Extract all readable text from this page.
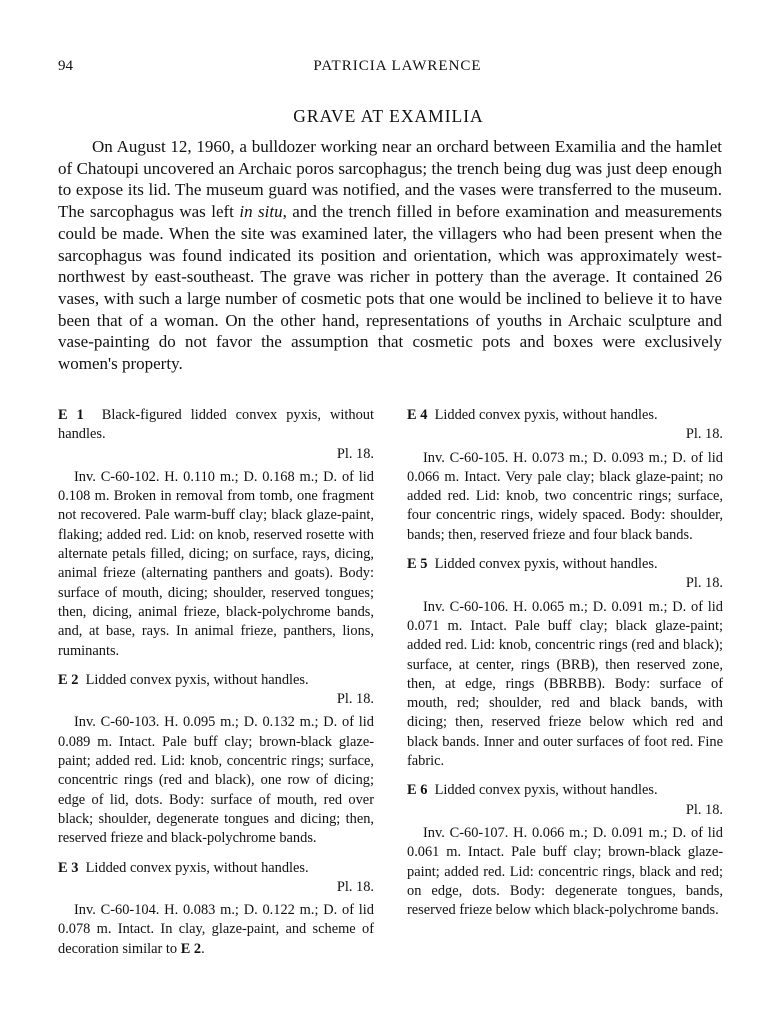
94	PATRICIA LAWRENCE
GRAVE AT EXAMILIA

On August 12, 1960, a bulldozer working near an orchard between Examilia and the hamlet of Chatoupi uncovered an Archaic poros sarcophagus; the trench being dug was just deep enough to expose its lid. The museum guard was notified, and the vases were transferred to the museum. The sarcophagus was left in situ, and the trench filled in before examination and measurements could be made. When the site was examined later, the villagers who had been present when the sarcophagus was found indicated its position and orientation, which was approximately west-northwest by east-southeast. The grave was richer in pottery than the average. It contained 26 vases, with such a large number of cosmetic pots that one would be inclined to believe it to have been that of a woman. On the other hand, representations of youths in Archaic sculpture and vase-painting do not favor the assumption that cosmetic pots and boxes were exclusively women's property.

E 1 Black-figured lidded convex pyxis, without handles.

Pl. 18.

Inv. C-60-102. H. 0.110 m.; D. 0.168 m.; D. of lid 0.108 m. Broken in removal from tomb, one fragment not recovered. Pale warm-buff clay; black glaze-paint, flaking; added red. Lid: on knob, reserved rosette with alternate petals filled, dicing; on surface, rays, dicing, animal frieze (alternating panthers and goats). Body: surface of mouth, dicing; shoulder, reserved tongues; then, dicing, animal frieze, black-polychrome bands, and, at base, rays. In animal frieze, panthers, lions, ruminants.

E 2 Lidded convex pyxis, without handles.

Pl. 18.

Inv. C-60-103. H. 0.095 m.; D. 0.132 m.; D. of lid 0.089 m. Intact. Pale buff clay; brown-black glaze-paint; added red. Lid: knob, concentric rings; surface, concentric rings (red and black), one row of dicing; edge of lid, dots. Body: surface of mouth, red over black; shoulder, degenerate tongues and dicing; then, reserved frieze and black-polychrome bands.

E 3 Lidded convex pyxis, without handles.

Pl. 18.

Inv. C-60-104. H. 0.083 m.; D. 0.122 m.; D. of lid 0.078 m. Intact. In clay, glaze-paint, and scheme of decoration similar to E 2.

E 4 Lidded convex pyxis, without handles.

Pl. 18.

Inv. C-60-105. H. 0.073 m.; D. 0.093 m.; D. of lid 0.066 m. Intact. Very pale clay; black glaze-paint; no added red. Lid: knob, two concentric rings; surface, four concentric rings, widely spaced. Body: shoulder, bands; then, reserved frieze and four black bands.

E 5 Lidded convex pyxis, without handles.

Pl. 18.

Inv. C-60-106. H. 0.065 m.; D. 0.091 m.; D. of lid 0.071 m. Intact. Pale buff clay; black glaze-paint; added red. Lid: knob, concentric rings (red and black); surface, at center, rings (BRB), then reserved zone, then, at edge, rings (BBRBB). Body: surface of mouth, red; shoulder, red and black bands, with dicing; then, reserved frieze below which red and black bands. Inner and outer surfaces of foot red. Fine fabric.

E 6 Lidded convex pyxis, without handles.

Pl. 18.

Inv. C-60-107. H. 0.066 m.; D. 0.091 m.; D. of lid 0.061 m. Intact. Pale buff clay; brown-black glaze-paint; added red. Lid: concentric rings, black and red; on edge, dots. Body: degenerate tongues, bands, reserved frieze below which black-polychrome bands.
